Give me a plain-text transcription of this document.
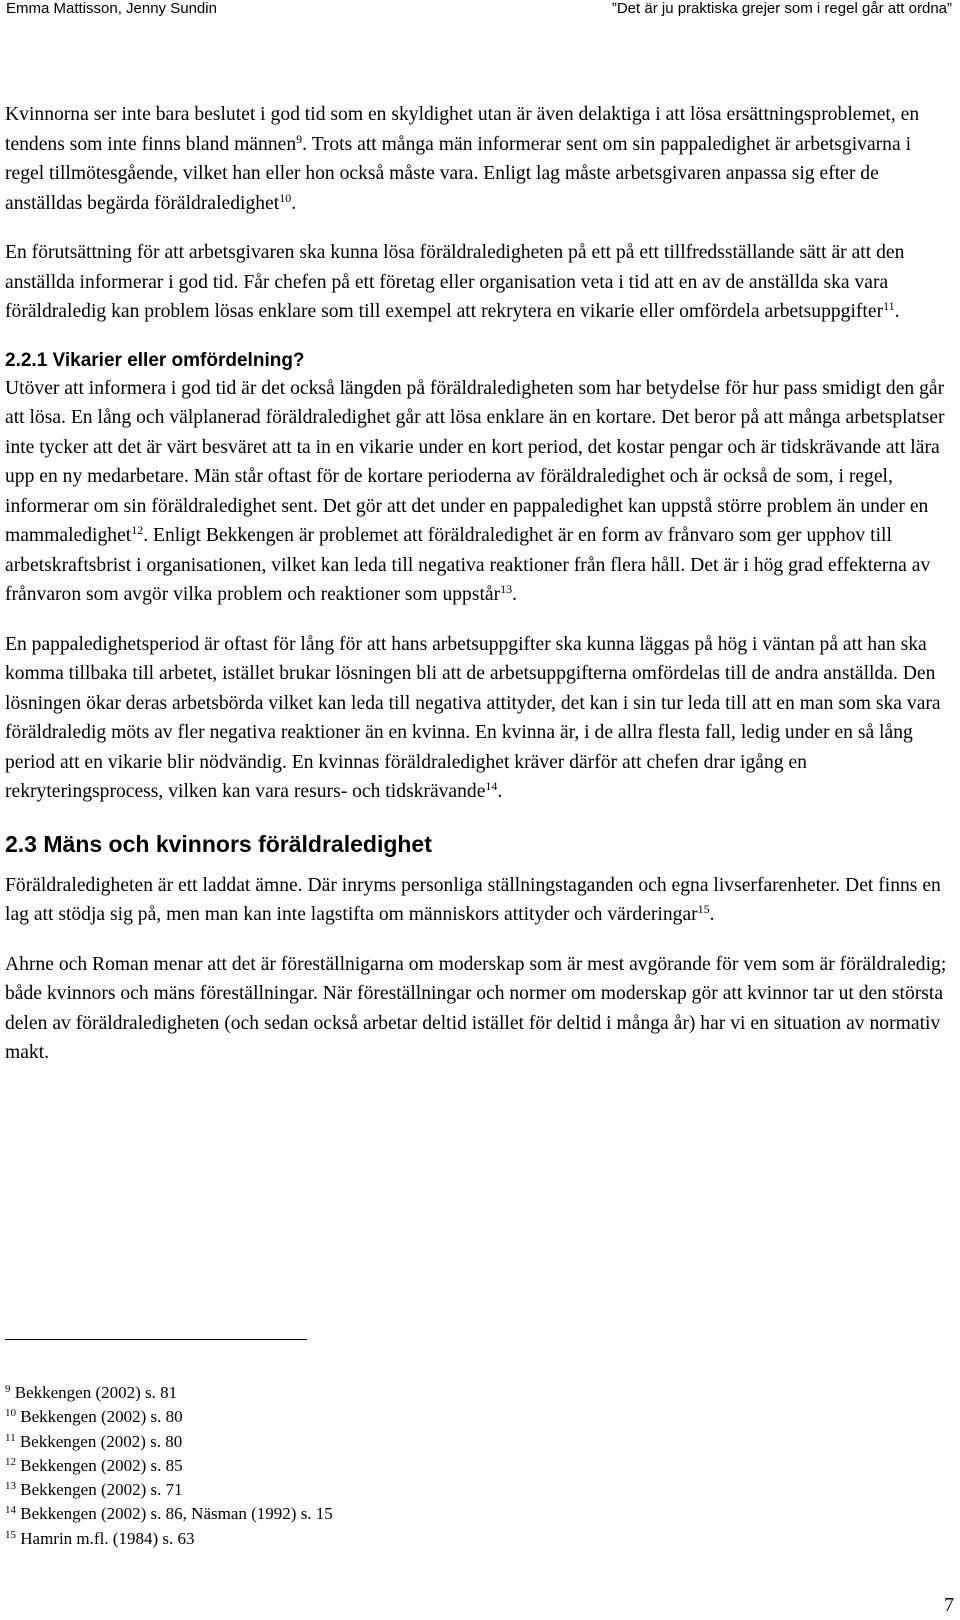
Emma Mattisson, Jenny Sundin	”Det är ju praktiska grejer som i regel går att ordna”

Kvinnorna ser inte bara beslutet i god tid som en skyldighet utan är även delaktiga i att lösa ersättningsproblemet, en tendens som inte finns bland männen$^9$. Trots att många män informerar sent om sin pappaledighet är arbetsgivarna i regel tillmötesgående, vilket han eller hon också måste vara. Enligt lag måste arbetsgivaren anpassa sig efter de anställdas begärda föräldraledighet$^{10}$.

En förutsättning för att arbetsgivaren ska kunna lösa föräldraledigheten på ett på ett tillfredsställande sätt är att den anställda informerar i god tid. Får chefen på ett företag eller organisation veta i tid att en av de anställda ska vara föräldraledig kan problem lösas enklare som till exempel att rekrytera en vikarie eller omfördela arbetsuppgifter$^{11}$.

2.2.1 Vikarier eller omfördelning?

Utöver att informera i god tid är det också längden på föräldraledigheten som har betydelse för hur pass smidigt den går att lösa. En lång och välplanerad föräldraledighet går att lösa enklare än en kortare. Det beror på att många arbetsplatser inte tycker att det är värt besväret att ta in en vikarie under en kort period, det kostar pengar och är tidskrävande att lära upp en ny medarbetare. Män står oftast för de kortare perioderna av föräldraledighet och är också de som, i regel, informerar om sin föräldraledighet sent. Det gör att det under en pappaledighet kan uppstå större problem än under en mammaledighet$^{12}$. Enligt Bekkengen är problemet att föräldraledighet är en form av frånvaro som ger upphov till arbetskraftsbrist i organisationen, vilket kan leda till negativa reaktioner från flera håll. Det är i hög grad effekterna av frånvaron som avgör vilka problem och reaktioner som uppstår$^{13}$.

En pappaledighetsperiod är oftast för lång för att hans arbetsuppgifter ska kunna läggas på hög i väntan på att han ska komma tillbaka till arbetet, istället brukar lösningen bli att de arbetsuppgifterna omfördelas till de andra anställda. Den lösningen ökar deras arbetsbörda vilket kan leda till negativa attityder, det kan i sin tur leda till att en man som ska vara föräldraledig möts av fler negativa reaktioner än en kvinna. En kvinna är, i de allra flesta fall, ledig under en så lång period att en vikarie blir nödvändig. En kvinnas föräldraledighet kräver därför att chefen drar igång en rekryteringsprocess, vilken kan vara resurs- och tidskrävande$^{14}$.

2.3 Mäns och kvinnors föräldraledighet

Föräldraledigheten är ett laddat ämne. Där inryms personliga ställningstaganden och egna livserfarenheter. Det finns en lag att stödja sig på, men man kan inte lagstifta om människors attityder och värderingar$^{15}$.

Ahrne och Roman menar att det är föreställnigarna om moderskap som är mest avgörande för vem som är föräldraledig; både kvinnors och mäns föreställningar. När föreställningar och normer om moderskap gör att kvinnor tar ut den största delen av föräldraledigheten (och sedan också arbetar deltid istället för deltid i många år) har vi en situation av normativ makt.

$^9$ Bekkengen (2002) s. 81
$^{10}$ Bekkengen (2002) s. 80
$^{11}$ Bekkengen (2002) s. 80
$^{12}$ Bekkengen (2002) s. 85
$^{13}$ Bekkengen (2002) s. 71
$^{14}$ Bekkengen (2002) s. 86, Näsman (1992) s. 15
$^{15}$ Hamrin m.fl. (1984) s. 63
7
